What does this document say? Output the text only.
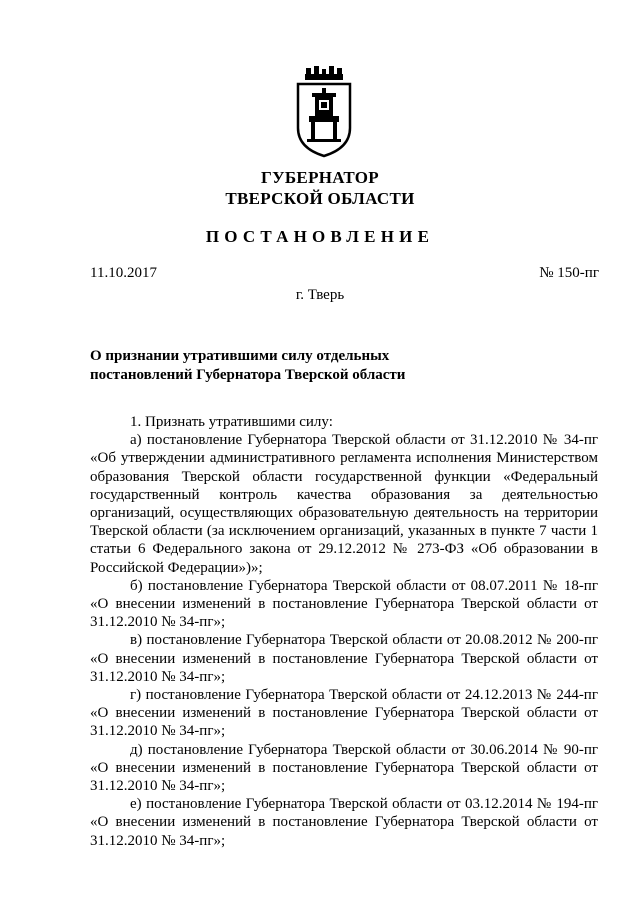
ГУБЕРНАТОР
ТВЕРСКОЙ ОБЛАСТИ
ПОСТАНОВЛЕНИЕ
11.10.2017	№ 150-пг
г. Тверь
О признании утратившими силу отдельных
постановлений Губернатора Тверской области

1. Признать утратившими силу:

а) постановление Губернатора Тверской области от 31.12.2010 № 34-пг «Об утверждении административного регламента исполнения Министерством образования Тверской области государственной функции «Федеральный государственный контроль качества образования за деятельностью организаций, осуществляющих образовательную деятельность на территории Тверской области (за исключением организаций, указанных в пункте 7 части 1 статьи 6 Федерального закона от 29.12.2012 № 273-ФЗ «Об образовании в Российской Федерации»)»;

б) постановление Губернатора Тверской области от 08.07.2011 № 18-пг «О внесении изменений в постановление Губернатора Тверской области от 31.12.2010 № 34-пг»;

в) постановление Губернатора Тверской области от 20.08.2012 № 200-пг «О внесении изменений в постановление Губернатора Тверской области от 31.12.2010 № 34-пг»;

г) постановление Губернатора Тверской области от 24.12.2013 № 244-пг «О внесении изменений в постановление Губернатора Тверской области от 31.12.2010 № 34-пг»;

д) постановление Губернатора Тверской области от 30.06.2014 № 90-пг «О внесении изменений в постановление Губернатора Тверской области от 31.12.2010 № 34-пг»;

е) постановление Губернатора Тверской области от 03.12.2014 № 194-пг «О внесении изменений в постановление Губернатора Тверской области от 31.12.2010 № 34-пг»;
